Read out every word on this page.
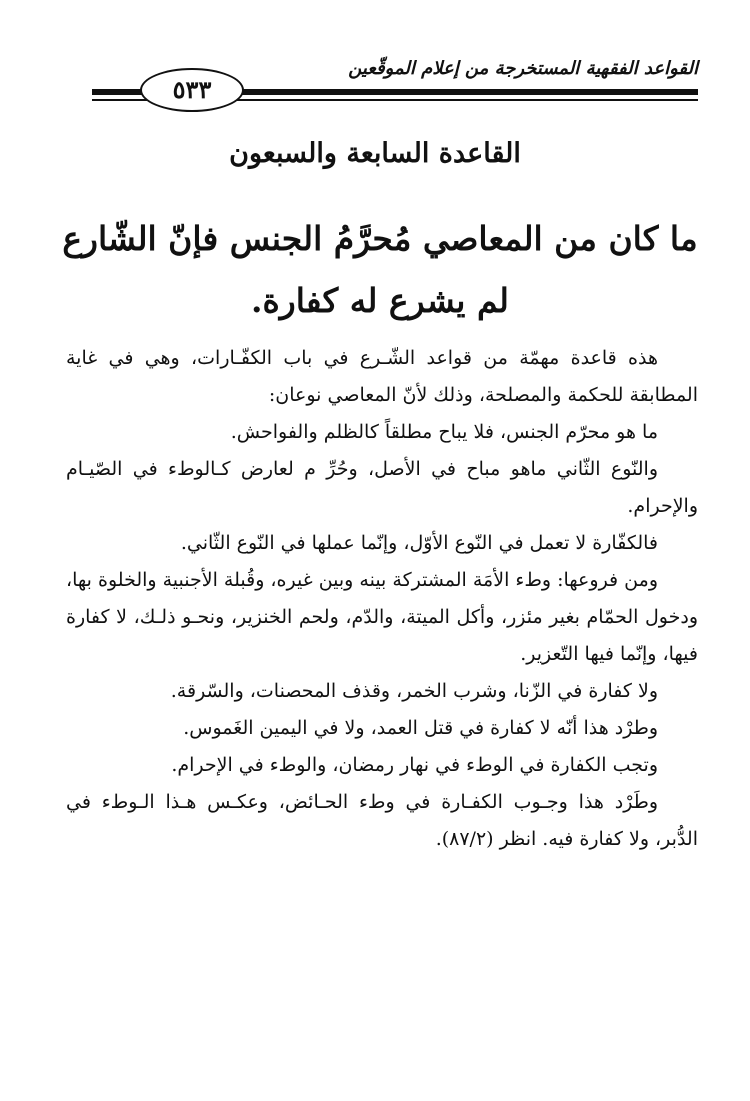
القواعد الفقهية المستخرجة من إعلام الموقّعين
٥٣٣
القاعدة السابعة والسبعون
ما كان من المعاصي مُحرَّمُ الجنس فإنّ الشّارع لم يشرع له كفارة.

هذه قاعدة مهمّة من قواعد الشّـرع في باب الكفّـارات، وهي في غاية المطابقة للحكمة والمصلحة، وذلك لأنّ المعاصي نوعان:

ما هو محرّم الجنس، فلا يباح مطلقاً كالظلم والفواحش.

والنّوع الثّاني ماهو مباح في الأصل، وحُرِّ م لعارض كـالوطء في الصّيـام والإحرام.

فالكفّارة لا تعمل في النّوع الأوّل، وإنّما عملها في النّوع الثّاني.

ومن فروعها: وطء الأمَة المشتركة بينه وبين غيره، وقُبلة الأجنبية والخلوة بها، ودخول الحمّام بغير مئزر، وأكل الميتة، والدّم، ولحم الخنزير، ونحـو ذلـك، لا كفارة فيها، وإنّما فيها التّعزير.

ولا كفارة في الزّنا، وشرب الخمر، وقذف المحصنات، والسّرقة.

وطرْد هذا أنّه لا كفارة في قتل العمد، ولا في اليمين الغَموس.

وتجب الكفارة في الوطء في نهار رمضان، والوطء في الإحرام.

وطَرْد هذا وجـوب الكفـارة في وطء الحـائض، وعكـس هـذا الـوطء في الدُّبر، ولا كفارة فيه. انظر (٨٧/٢).
